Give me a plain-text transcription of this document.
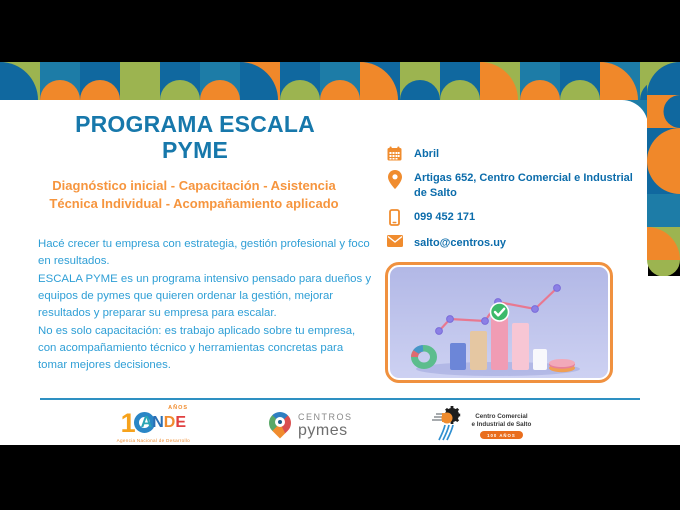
PROGRAMA ESCALA
PYME
Diagnóstico inicial - Capacitación - Asistencia
Técnica Individual - Acompañamiento aplicado

Hacé crecer tu empresa con estrategia, gestión profesional y foco en resultados.

ESCALA PYME es un programa intensivo pensado para dueños y equipos de pymes que quieren ordenar la gestión, mejorar resultados y preparar su empresa para escalar.

No es solo capacitación: es trabajo aplicado sobre tu empresa, con acompañamiento técnico y herramientas concretas para tomar mejores decisiones.

Abril
Artigas 652, Centro Comercial e Industrial de Salto
099 452 171
salto@centros.uy
1	AÑOS
A N D E
Agencia Nacional de Desarrollo
CENTROS
pymes
Centro Comercial
e Industrial de Salto
100 AÑOS
